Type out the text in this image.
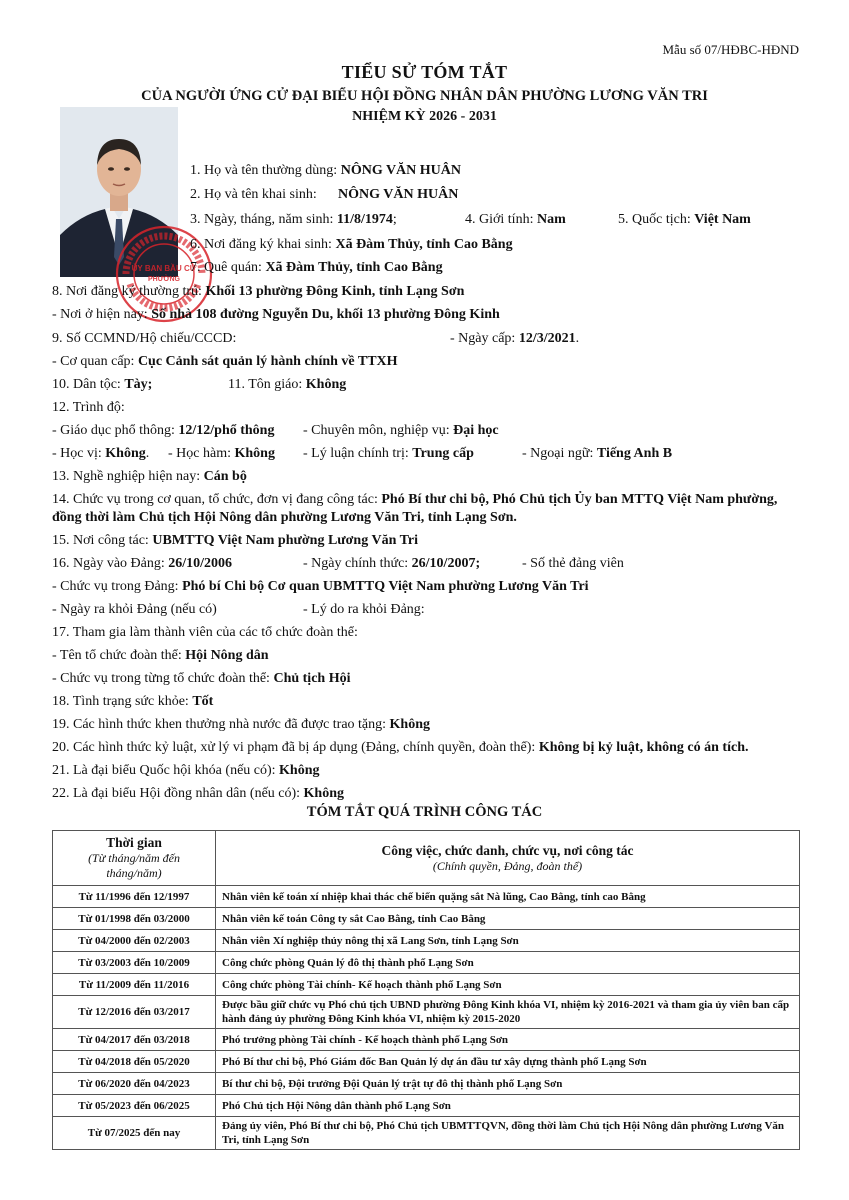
Mẫu số 07/HĐBC-HĐND
TIỂU SỬ TÓM TẮT
CỦA NGƯỜI ỨNG CỬ ĐẠI BIỂU HỘI ĐỒNG NHÂN DÂN PHƯỜNG LƯƠNG VĂN TRI
NHIỆM KỲ 2026 - 2031
ỦY BAN BẦU CỬ
PHƯỜNG
1. Họ và tên thường dùng: NÔNG VĂN HUÂN
2. Họ và tên khai sinh: NÔNG VĂN HUÂN
3. Ngày, tháng, năm sinh: 11/8/1974;	4. Giới tính: Nam	5. Quốc tịch: Việt Nam
6. Nơi đăng ký khai sinh: Xã Đàm Thủy, tỉnh Cao Bằng
7. Quê quán: Xã Đàm Thủy, tỉnh Cao Bằng
8. Nơi đăng ký thường trú: Khối 13 phường Đông Kinh, tỉnh Lạng Sơn
- Nơi ở hiện nay: Số nhà 108 đường Nguyễn Du, khối 13 phường Đông Kinh
9. Số CCMND/Hộ chiếu/CCCD:	- Ngày cấp: 12/3/2021.
- Cơ quan cấp: Cục Cảnh sát quản lý hành chính về TTXH
10. Dân tộc: Tày;	11. Tôn giáo: Không
12. Trình độ:
- Giáo dục phổ thông: 12/12/phổ thông - Chuyên môn, nghiệp vụ: Đại học
- Học vị: Không. - Học hàm: Không - Lý luận chính trị: Trung cấp	- Ngoại ngữ: Tiếng Anh B
13. Nghề nghiệp hiện nay: Cán bộ
14. Chức vụ trong cơ quan, tổ chức, đơn vị đang công tác: Phó Bí thư chi bộ, Phó Chủ tịch Ủy ban MTTQ Việt Nam phường, đồng thời làm Chủ tịch Hội Nông dân phường Lương Văn Tri, tỉnh Lạng Sơn.
15. Nơi công tác: UBMTTQ Việt Nam phường Lương Văn Tri
16. Ngày vào Đảng: 26/10/2006	- Ngày chính thức: 26/10/2007;	- Số thẻ đảng viên
- Chức vụ trong Đảng: Phó bí Chi bộ Cơ quan UBMTTQ Việt Nam phường Lương Văn Tri
- Ngày ra khỏi Đảng (nếu có)	- Lý do ra khỏi Đảng:
17. Tham gia làm thành viên của các tổ chức đoàn thể:
- Tên tổ chức đoàn thể: Hội Nông dân
- Chức vụ trong từng tổ chức đoàn thể: Chủ tịch Hội
18. Tình trạng sức khỏe: Tốt
19. Các hình thức khen thưởng nhà nước đã được trao tặng: Không
20. Các hình thức kỷ luật, xử lý vi phạm đã bị áp dụng (Đảng, chính quyền, đoàn thể): Không bị kỷ luật, không có án tích.
21. Là đại biểu Quốc hội khóa (nếu có): Không
22. Là đại biểu Hội đồng nhân dân (nếu có): Không
TÓM TẮT QUÁ TRÌNH CÔNG TÁC
Thời gian
(Từ tháng/năm đến tháng/năm)	Công việc, chức danh, chức vụ, nơi công tác
(Chính quyền, Đảng, đoàn thể)

Từ 11/1996 đến 12/1997	Nhân viên kế toán xí nhiệp khai thác chế biến quặng sắt Nà lũng, Cao Bằng, tỉnh cao Bằng
Từ 01/1998 đến 03/2000	Nhân viên kế toán Công ty sắt Cao Bằng, tỉnh Cao Bằng
Từ 04/2000 đến 02/2003	Nhân viên Xí nghiệp thủy nông thị xã Lang Sơn, tỉnh Lạng Sơn
Từ 03/2003 đến 10/2009	Công chức phòng Quản lý đô thị thành phố Lạng Sơn
Từ 11/2009 đến 11/2016	Công chức phòng Tài chính- Kế hoạch thành phố Lạng Sơn
Từ 12/2016 đến 03/2017	Được bầu giữ chức vụ Phó chủ tịch UBND phường Đông Kinh khóa VI, nhiệm kỳ 2016-2021 và tham gia ủy viên ban cấp hành đảng ủy phường Đông Kinh khóa VI, nhiệm kỳ 2015-2020
Từ 04/2017 đến 03/2018	Phó trưởng phòng Tài chính - Kế hoạch thành phố Lạng Sơn
Từ 04/2018 đến 05/2020	Phó Bí thư chi bộ, Phó Giám đốc Ban Quản lý dự án đầu tư xây dựng thành phố Lạng Sơn
Từ 06/2020 đến 04/2023	Bí thư chi bộ, Đội trưởng Đội Quản lý trật tự đô thị thành phố Lạng Sơn
Từ 05/2023 đến 06/2025	Phó Chủ tịch Hội Nông dân thành phố Lạng Sơn
Từ 07/2025 đến nay	Đảng ủy viên, Phó Bí thư chi bộ, Phó Chủ tịch UBMTTQVN, đồng thời làm Chủ tịch Hội Nông dân phường Lương Văn Tri, tỉnh Lạng Sơn
